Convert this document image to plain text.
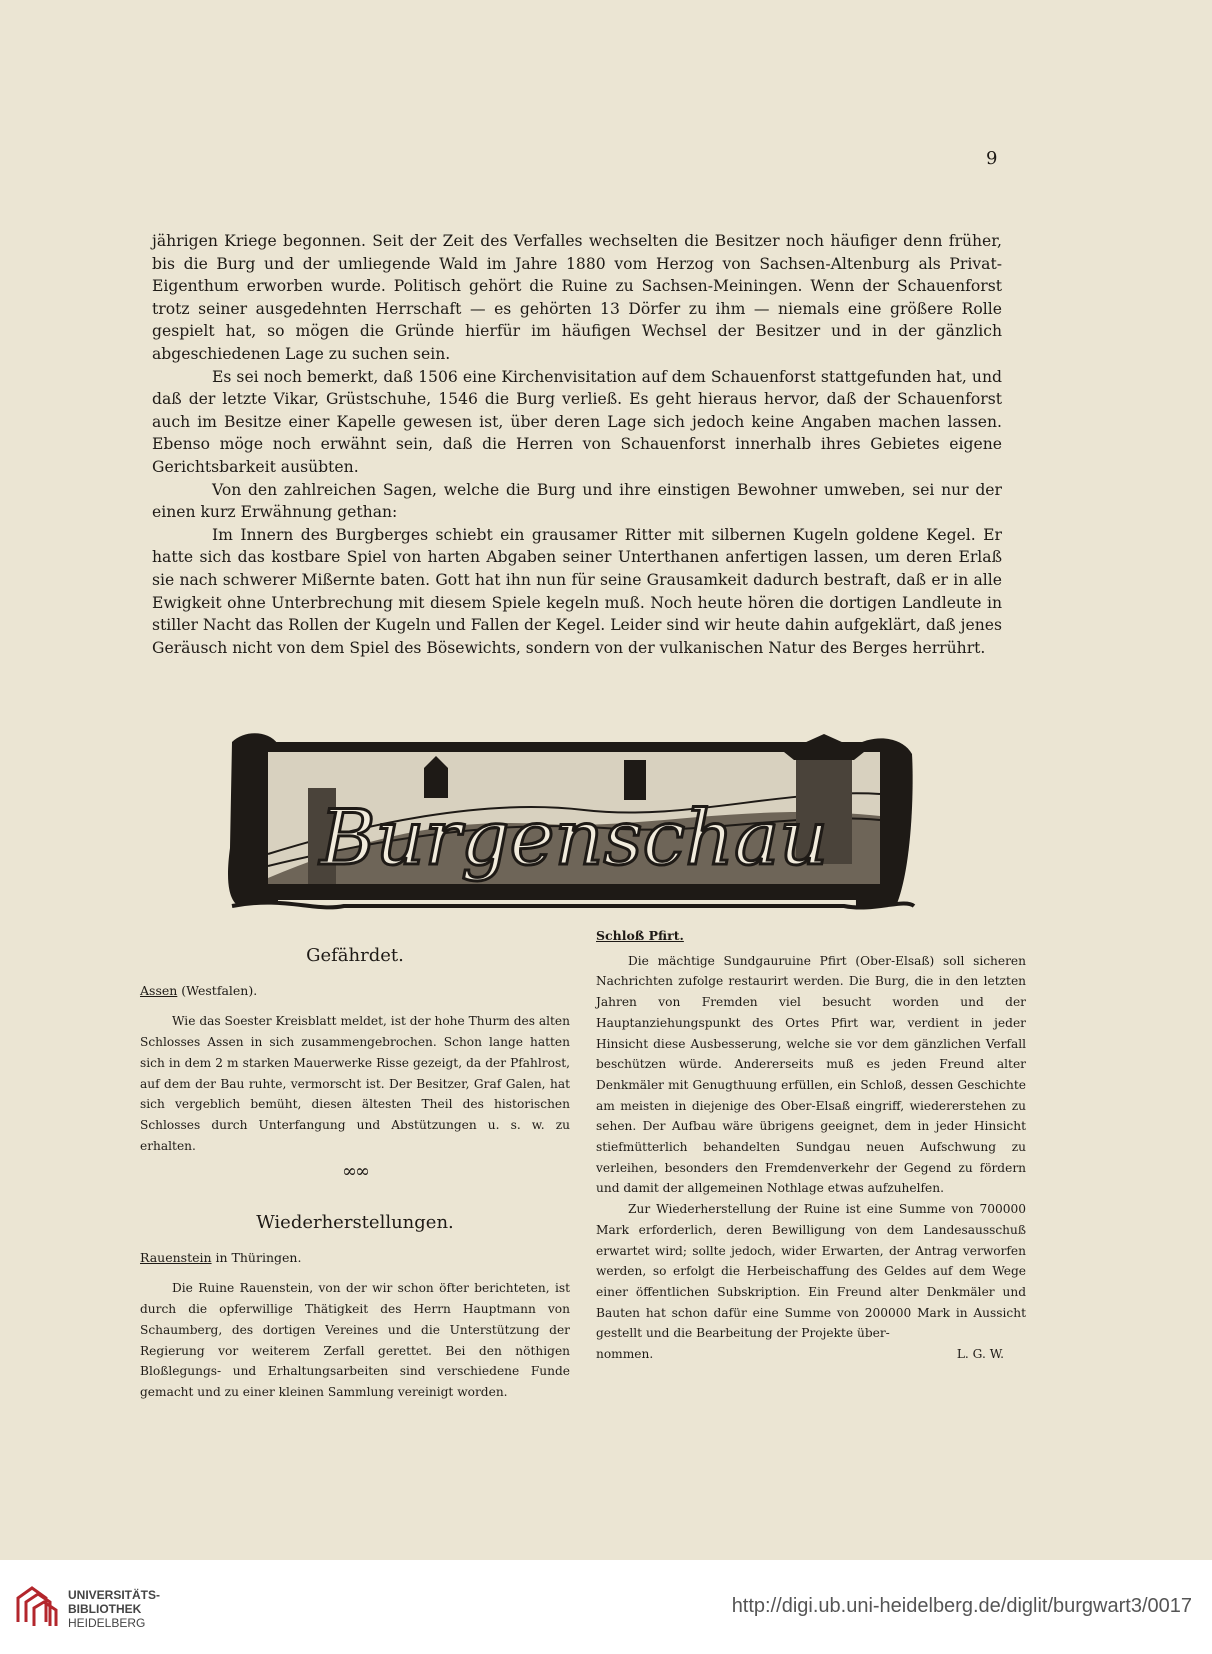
9

jährigen Kriege begonnen. Seit der Zeit des Verfalles wechselten die Besitzer noch häufiger denn früher, bis die Burg und der umliegende Wald im Jahre 1880 vom Herzog von Sachsen-Altenburg als Privat-Eigenthum erworben wurde. Politisch gehört die Ruine zu Sachsen-Meiningen. Wenn der Schauenforst trotz seiner ausgedehnten Herrschaft — es gehörten 13 Dörfer zu ihm — niemals eine größere Rolle gespielt hat, so mögen die Gründe hierfür im häufigen Wechsel der Besitzer und in der gänzlich abgeschiedenen Lage zu suchen sein.

Es sei noch bemerkt, daß 1506 eine Kirchenvisitation auf dem Schauenforst stattgefunden hat, und daß der letzte Vikar, Grüstschuhe, 1546 die Burg verließ. Es geht hieraus hervor, daß der Schauenforst auch im Besitze einer Kapelle gewesen ist, über deren Lage sich jedoch keine Angaben machen lassen. Ebenso möge noch erwähnt sein, daß die Herren von Schauenforst innerhalb ihres Gebietes eigene Gerichtsbarkeit ausübten.

Von den zahlreichen Sagen, welche die Burg und ihre einstigen Bewohner umweben, sei nur der einen kurz Erwähnung gethan:

Im Innern des Burgberges schiebt ein grausamer Ritter mit silbernen Kugeln goldene Kegel. Er hatte sich das kostbare Spiel von harten Abgaben seiner Unterthanen anfertigen lassen, um deren Erlaß sie nach schwerer Mißernte baten. Gott hat ihn nun für seine Grausamkeit dadurch bestraft, daß er in alle Ewigkeit ohne Unterbrechung mit diesem Spiele kegeln muß. Noch heute hören die dortigen Landleute in stiller Nacht das Rollen der Kugeln und Fallen der Kegel. Leider sind wir heute dahin aufgeklärt, daß jenes Geräusch nicht von dem Spiel des Bösewichts, sondern von der vulkanischen Natur des Berges herrührt.

Burgenschau
Gefährdet.
Assen (Westfalen).

Wie das Soester Kreisblatt meldet, ist der hohe Thurm des alten Schlosses Assen in sich zusammengebrochen. Schon lange hatten sich in dem 2 m starken Mauerwerke Risse gezeigt, da der Pfahlrost, auf dem der Bau ruhte, vermorscht ist. Der Besitzer, Graf Galen, hat sich vergeblich bemüht, diesen ältesten Theil des historischen Schlosses durch Unterfangung und Abstützungen u. s. w. zu erhalten.

∞∞
Wiederherstellungen.
Rauenstein in Thüringen.

Die Ruine Rauenstein, von der wir schon öfter berichteten, ist durch die opferwillige Thätigkeit des Herrn Hauptmann von Schaumberg, des dortigen Vereines und die Unterstützung der Regierung vor weiterem Zerfall gerettet. Bei den nöthigen Bloßlegungs- und Erhaltungsarbeiten sind verschiedene Funde gemacht und zu einer kleinen Sammlung vereinigt worden.

Schloß Pfirt.

Die mächtige Sundgauruine Pfirt (Ober-Elsaß) soll sicheren Nachrichten zufolge restaurirt werden. Die Burg, die in den letzten Jahren von Fremden viel besucht worden und der Hauptanziehungspunkt des Ortes Pfirt war, verdient in jeder Hinsicht diese Ausbesserung, welche sie vor dem gänzlichen Verfall beschützen würde. Andererseits muß es jeden Freund alter Denkmäler mit Genugthuung erfüllen, ein Schloß, dessen Geschichte am meisten in diejenige des Ober-Elsaß eingriff, wiedererstehen zu sehen. Der Aufbau wäre übrigens geeignet, dem in jeder Hinsicht stiefmütterlich behandelten Sundgau neuen Aufschwung zu verleihen, besonders den Fremdenverkehr der Gegend zu fördern und damit der allgemeinen Nothlage etwas aufzuhelfen.

Zur Wiederherstellung der Ruine ist eine Summe von 700000 Mark erforderlich, deren Bewilligung von dem Landesausschuß erwartet wird; sollte jedoch, wider Erwarten, der Antrag verworfen werden, so erfolgt die Herbeischaffung des Geldes auf dem Wege einer öffentlichen Subskription. Ein Freund alter Denkmäler und Bauten hat schon dafür eine Summe von 200000 Mark in Aussicht gestellt und die Bearbeitung der Projekte über-

nommen.	L. G. W.
UNIVERSITÄTS-
BIBLIOTHEK
HEIDELBERG
http://digi.ub.uni-heidelberg.de/diglit/burgwart3/0017
